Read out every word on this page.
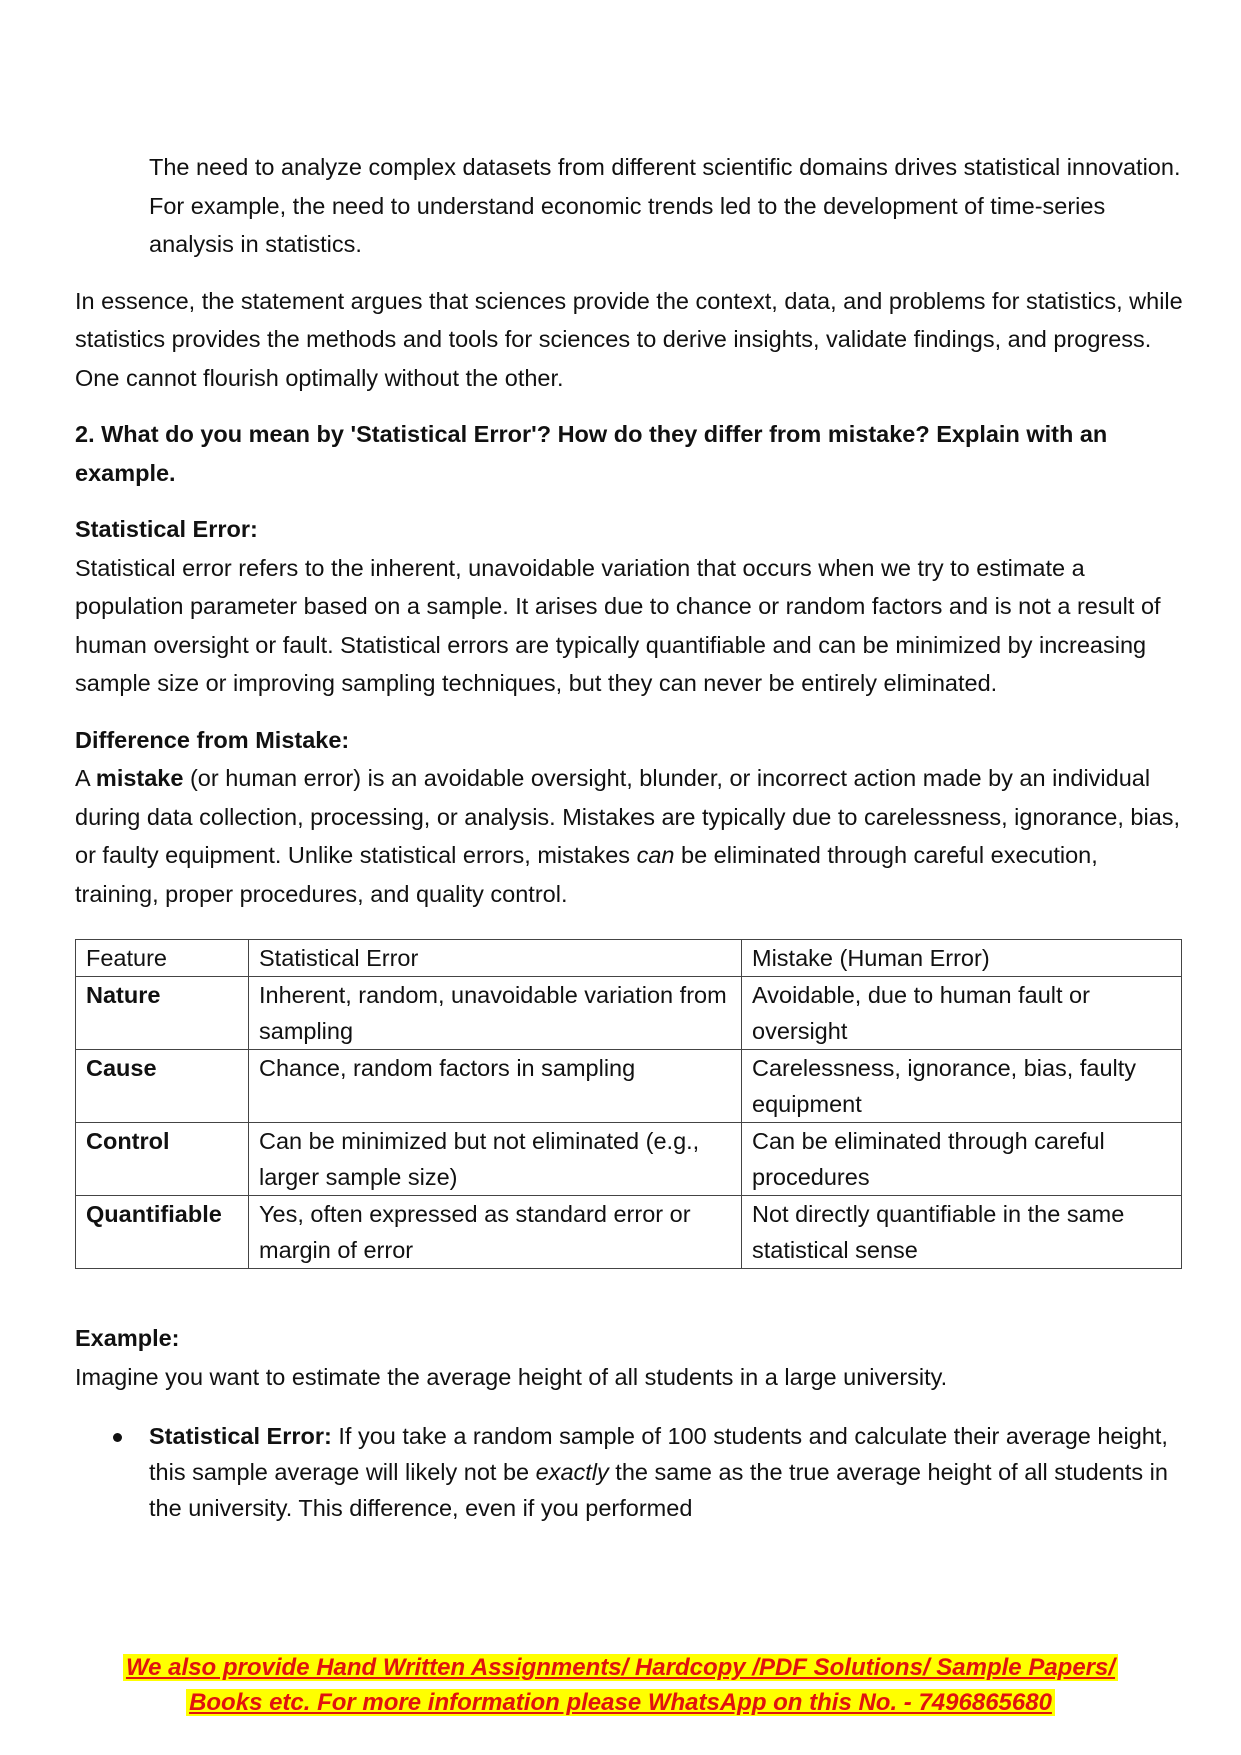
The need to analyze complex datasets from different scientific domains drives statistical innovation. For example, the need to understand economic trends led to the development of time-series analysis in statistics.

In essence, the statement argues that sciences provide the context, data, and problems for statistics, while statistics provides the methods and tools for sciences to derive insights, validate findings, and progress. One cannot flourish optimally without the other.

2. What do you mean by 'Statistical Error'? How do they differ from mistake? Explain with an example.

Statistical Error:

Statistical error refers to the inherent, unavoidable variation that occurs when we try to estimate a population parameter based on a sample. It arises due to chance or random factors and is not a result of human oversight or fault. Statistical errors are typically quantifiable and can be minimized by increasing sample size or improving sampling techniques, but they can never be entirely eliminated.

Difference from Mistake:

A mistake (or human error) is an avoidable oversight, blunder, or incorrect action made by an individual during data collection, processing, or analysis. Mistakes are typically due to carelessness, ignorance, bias, or faulty equipment. Unlike statistical errors, mistakes can be eliminated through careful execution, training, proper procedures, and quality control.

Feature	Statistical Error	Mistake (Human Error)
Nature	Inherent, random, unavoidable variation from sampling	Avoidable, due to human fault or oversight
Cause	Chance, random factors in sampling	Carelessness, ignorance, bias, faulty equipment
Control	Can be minimized but not eliminated (e.g., larger sample size)	Can be eliminated through careful procedures
Quantifiable	Yes, often expressed as standard error or margin of error	Not directly quantifiable in the same statistical sense

Example:

Imagine you want to estimate the average height of all students in a large university.

Statistical Error: If you take a random sample of 100 students and calculate their average height, this sample average will likely not be exactly the same as the true average height of all students in the university. This difference, even if you performed
We also provide Hand Written Assignments/ Hardcopy /PDF Solutions/ Sample Papers/
Books etc. For more information please WhatsApp on this No. - 7496865680
